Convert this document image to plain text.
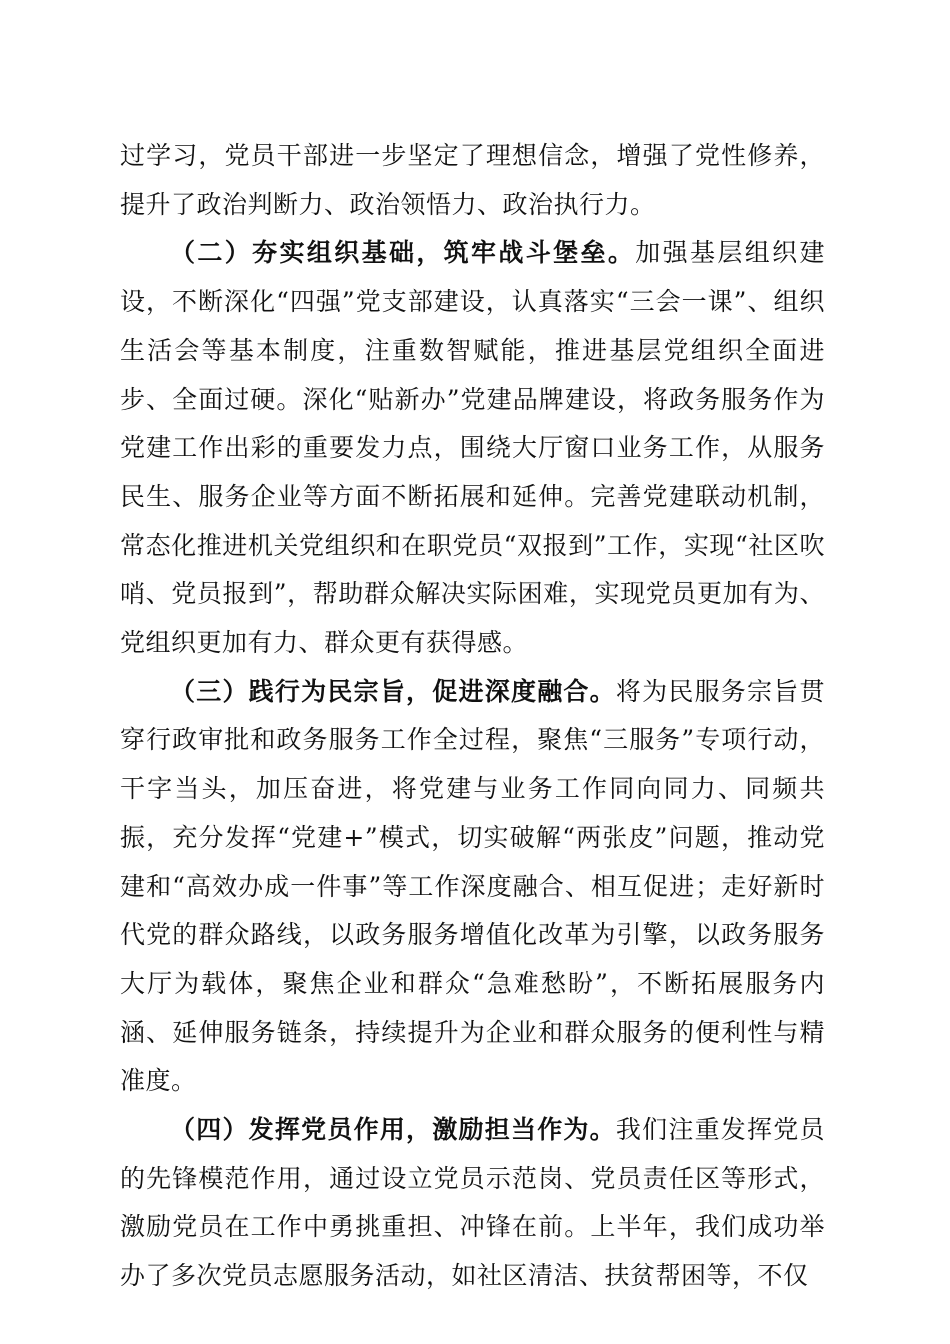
过学习，党员干部进一步坚定了理想信念，增强了党性修养，提升了政治判断力、政治领悟力、政治执行力。

（二）夯实组织基础，筑牢战斗堡垒。加强基层组织建设，不断深化“四强”党支部建设，认真落实“三会一课”、组织生活会等基本制度，注重数智赋能，推进基层党组织全面进步、全面过硬。深化“贴新办”党建品牌建设，将政务服务作为党建工作出彩的重要发力点，围绕大厅窗口业务工作，从服务民生、服务企业等方面不断拓展和延伸。完善党建联动机制，常态化推进机关党组织和在职党员“双报到”工作，实现“社区吹哨、党员报到”，帮助群众解决实际困难，实现党员更加有为、党组织更加有力、群众更有获得感。

（三）践行为民宗旨，促进深度融合。将为民服务宗旨贯穿行政审批和政务服务工作全过程，聚焦“三服务”专项行动，干字当头，加压奋进，将党建与业务工作同向同力、同频共振，充分发挥“党建+”模式，切实破解“两张皮”问题，推动党建和“高效办成一件事”等工作深度融合、相互促进；走好新时代党的群众路线，以政务服务增值化改革为引擎，以政务服务大厅为载体，聚焦企业和群众“急难愁盼”，不断拓展服务内涵、延伸服务链条，持续提升为企业和群众服务的便利性与精准度。

（四）发挥党员作用，激励担当作为。我们注重发挥党员的先锋模范作用，通过设立党员示范岗、党员责任区等形式，激励党员在工作中勇挑重担、冲锋在前。上半年，我们成功举办了多次党员志愿服务活动，如社区清洁、扶贫帮困等，不仅
